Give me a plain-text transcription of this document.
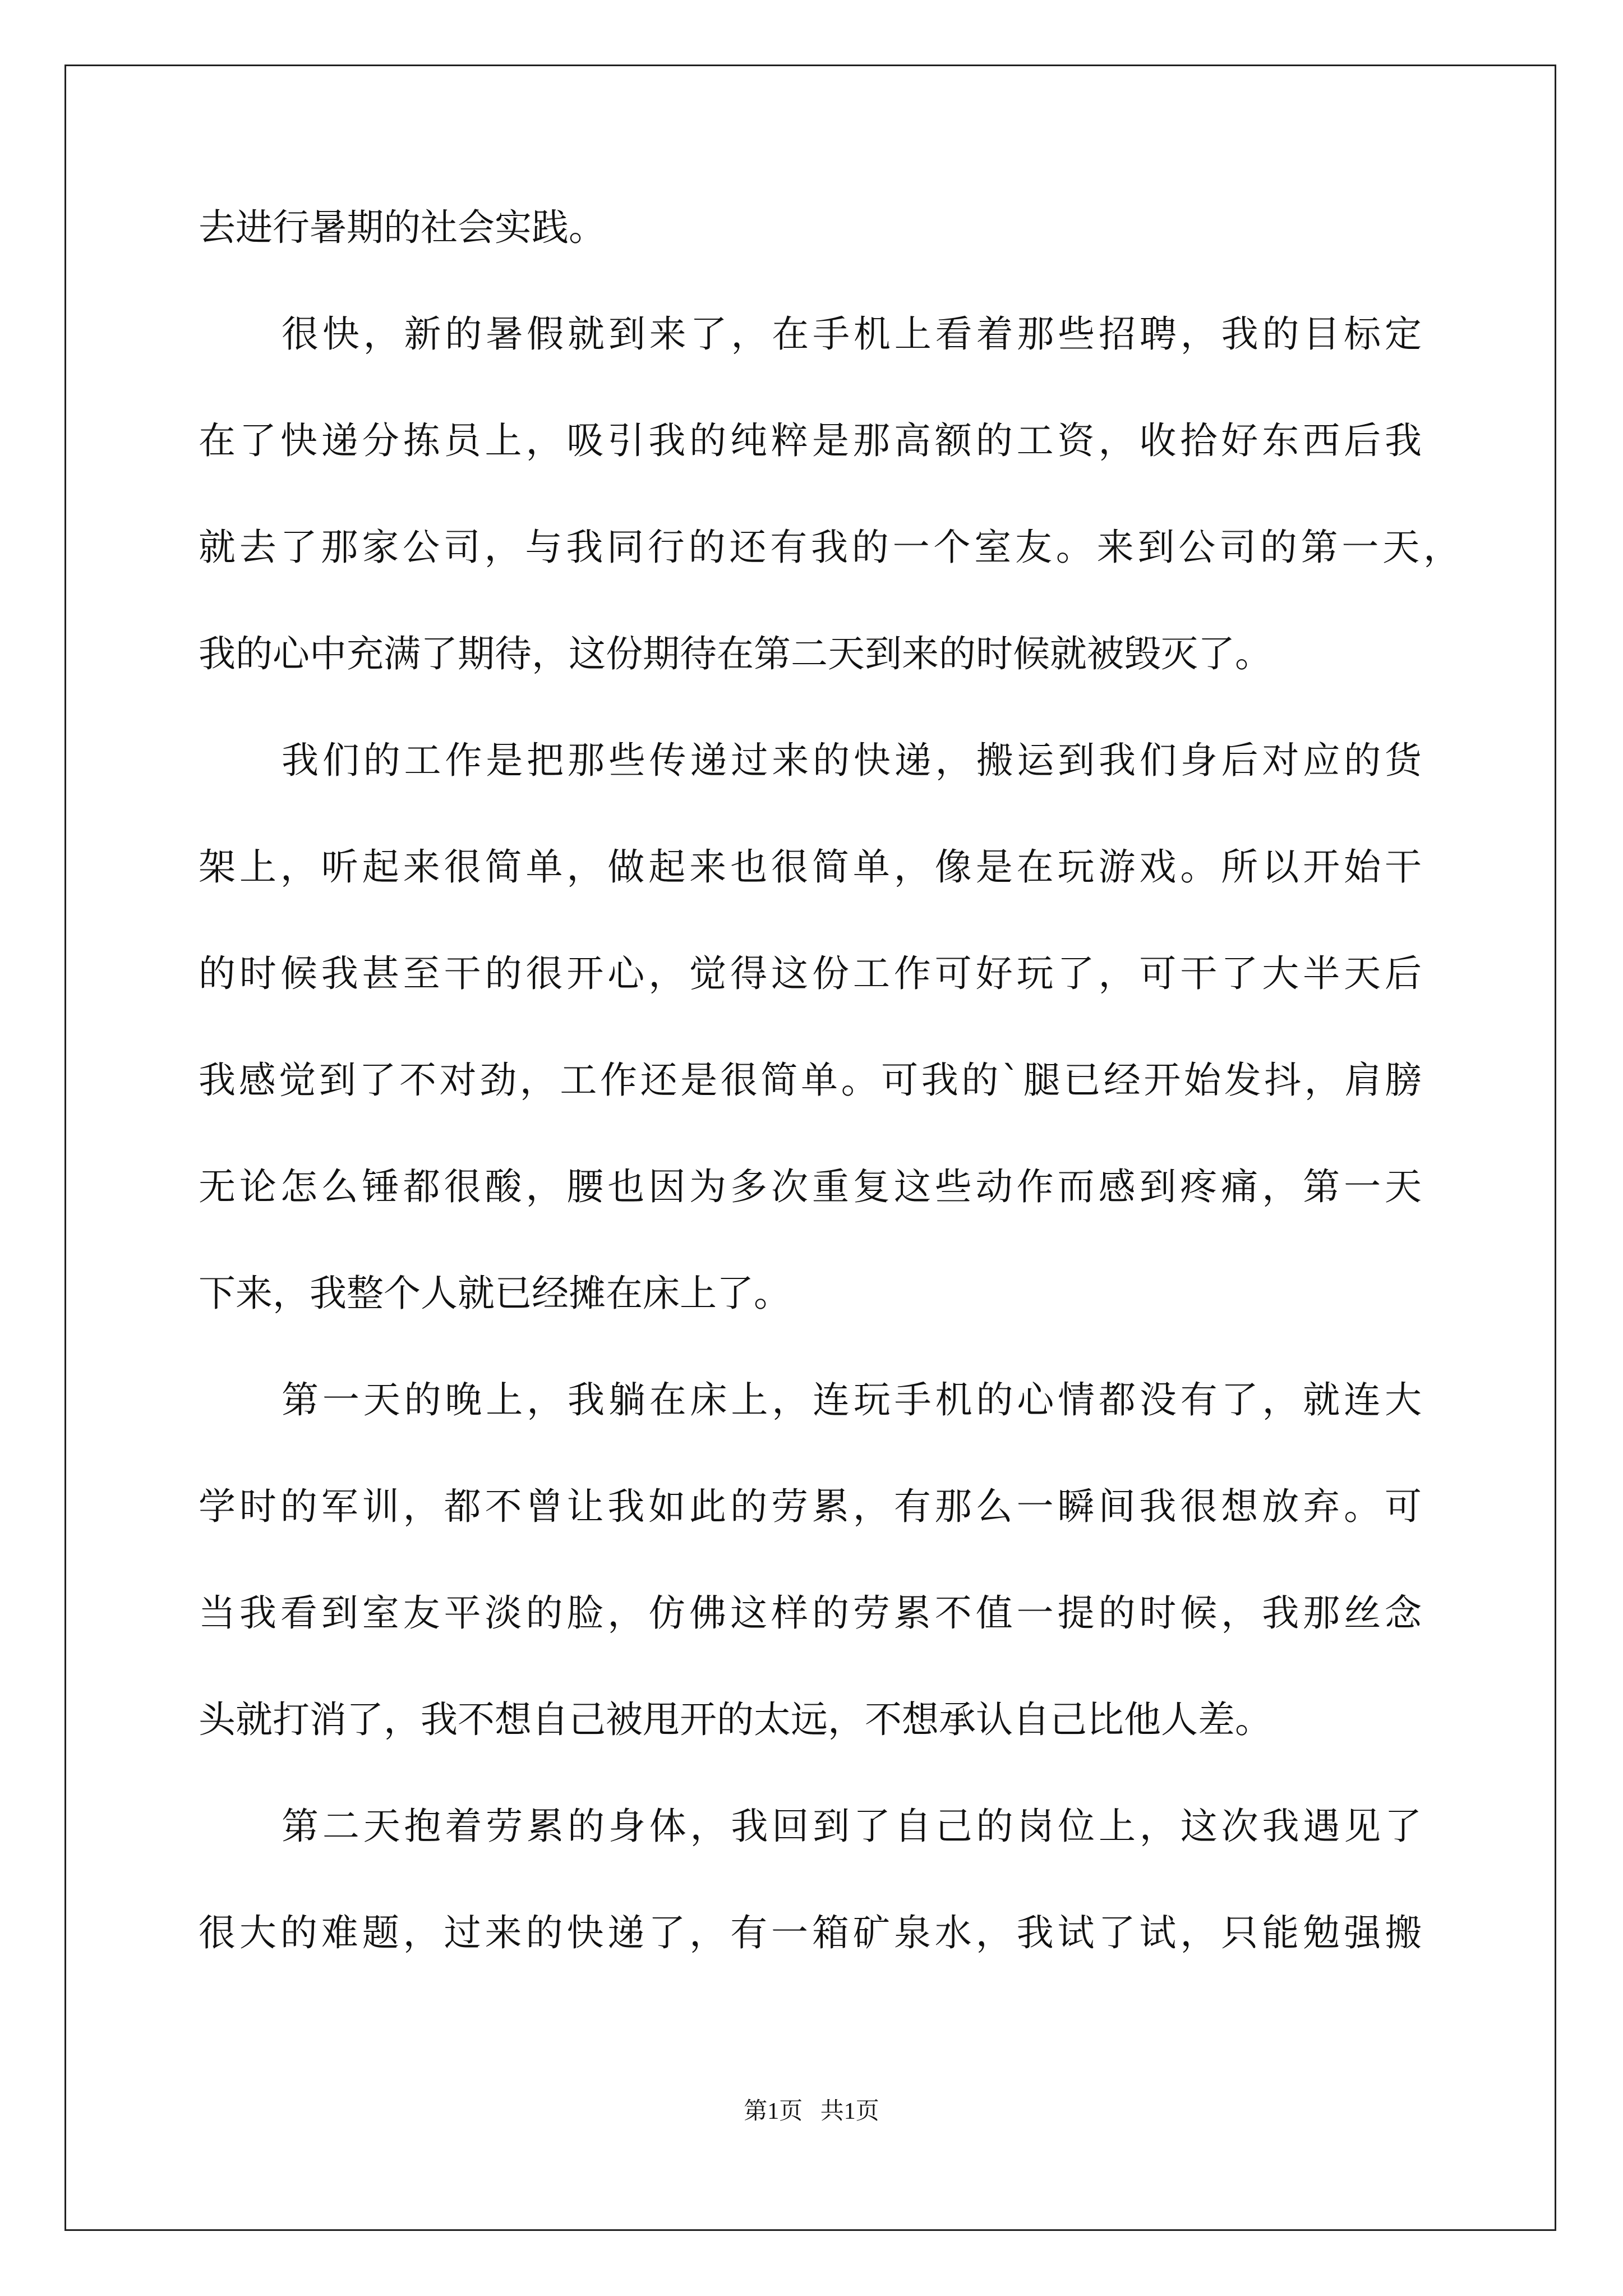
去进行暑期的社会实践。

很快，新的暑假就到来了，在手机上看着那些招聘，我的目标定

在了快递分拣员上，吸引我的纯粹是那高额的工资，收拾好东西后我

就去了那家公司，与我同行的还有我的一个室友。来到公司的第一天，

我的心中充满了期待，这份期待在第二天到来的时候就被毁灭了。

我们的工作是把那些传递过来的快递，搬运到我们身后对应的货

架上，听起来很简单，做起来也很简单，像是在玩游戏。所以开始干

的时候我甚至干的很开心，觉得这份工作可好玩了，可干了大半天后

我感觉到了不对劲，工作还是很简单。可我的`腿已经开始发抖，肩膀

无论怎么锤都很酸，腰也因为多次重复这些动作而感到疼痛，第一天

下来，我整个人就已经摊在床上了。

第一天的晚上，我躺在床上，连玩手机的心情都没有了，就连大

学时的军训，都不曾让我如此的劳累，有那么一瞬间我很想放弃。可

当我看到室友平淡的脸，仿佛这样的劳累不值一提的时候，我那丝念

头就打消了，我不想自己被甩开的太远，不想承认自己比他人差。

第二天抱着劳累的身体，我回到了自己的岗位上，这次我遇见了

很大的难题，过来的快递了，有一箱矿泉水，我试了试，只能勉强搬

第1页   共1页
